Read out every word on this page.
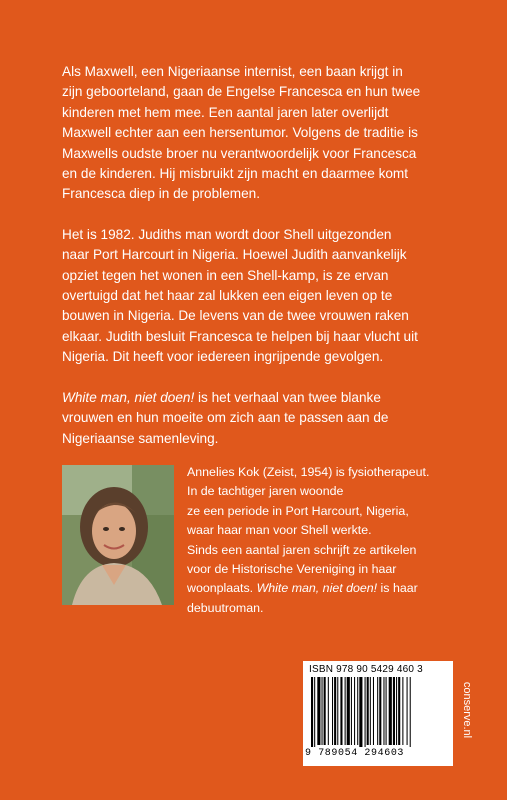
Als Maxwell, een Nigeriaanse internist, een baan krijgt in
zijn geboorteland, gaan de Engelse Francesca en hun twee
kinderen met hem mee. Een aantal jaren later overlijdt
Maxwell echter aan een hersentumor. Volgens de traditie is
Maxwells oudste broer nu verantwoordelijk voor Francesca
en de kinderen. Hij misbruikt zijn macht en daarmee komt
Francesca diep in de problemen.

Het is 1982. Judiths man wordt door Shell uitgezonden
naar Port Harcourt in Nigeria. Hoewel Judith aanvankelijk
opziet tegen het wonen in een Shell-kamp, is ze ervan
overtuigd dat het haar zal lukken een eigen leven op te
bouwen in Nigeria. De levens van de twee vrouwen raken
elkaar. Judith besluit Francesca te helpen bij haar vlucht uit
Nigeria. Dit heeft voor iedereen ingrijpende gevolgen.

White man, niet doen! is het verhaal van twee blanke
vrouwen en hun moeite om zich aan te passen aan de
Nigeriaanse samenleving.

Annelies Kok (Zeist, 1954) is fysiotherapeut.
In de tachtiger jaren woonde
ze een periode in Port Harcourt, Nigeria,
waar haar man voor Shell werkte.
Sinds een aantal jaren schrijft ze artikelen
voor de Historische Vereniging in haar
woonplaats. White man, niet doen! is haar
debuutroman.
ISBN 978 90 5429 460 3
9 789054 294603
conserve.nl
